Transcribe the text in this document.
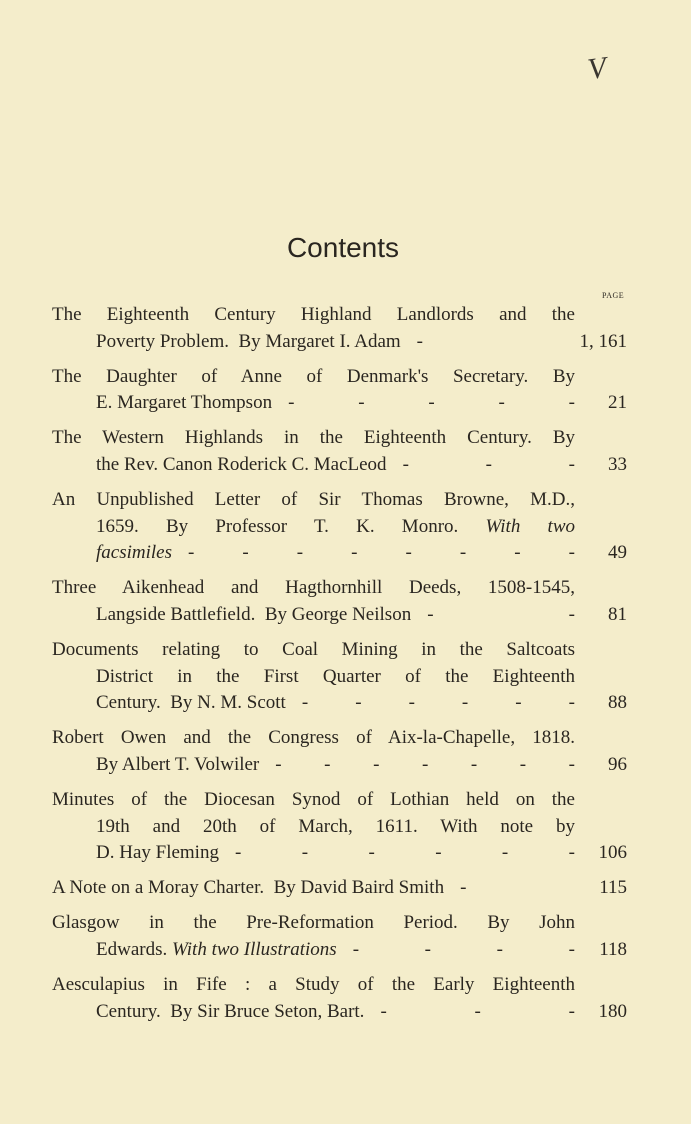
V
Contents
PAGE
The Eighteenth Century Highland Landlords and the
Poverty Problem.  By Margaret I. Adam -	1, 161
The Daughter of Anne of Denmark's Secretary. By
E. Margaret Thompson - - - - - 21
The Western Highlands in the Eighteenth Century. By
the Rev. Canon Roderick C. MacLeod - - - 33
An Unpublished Letter of Sir Thomas Browne, M.D.,
1659. By Professor T. K. Monro. With two
facsimiles - - - - - - - - 49
Three Aikenhead and Hagthornhill Deeds, 1508-1545,
Langside Battlefield.  By George Neilson - - 81
Documents relating to Coal Mining in the Saltcoats
District in the First Quarter of the Eighteenth
Century.  By N. M. Scott - - - - - - 88
Robert Owen and the Congress of Aix-la-Chapelle, 1818.
By Albert T. Volwiler - - - - - - - 96
Minutes of the Diocesan Synod of Lothian held on the
19th and 20th of March, 1611. With note by
D. Hay Fleming - - - - - - 106
A Note on a Moray Charter.  By David Baird Smith -	115
Glasgow in the Pre-Reformation Period. By John
Edwards. With two Illustrations - - - - 118
Aesculapius in Fife : a Study of the Early Eighteenth
Century.  By Sir Bruce Seton, Bart. - - - 180
